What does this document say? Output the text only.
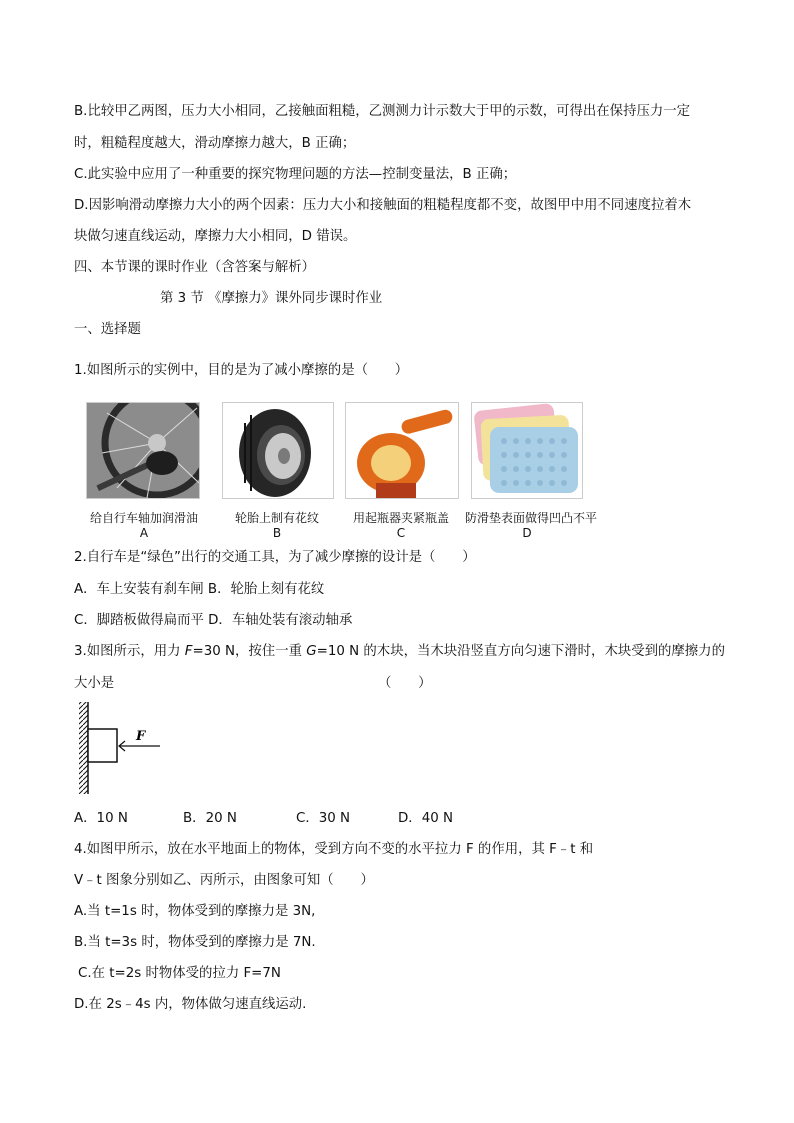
B.比较甲乙两图，压力大小相同，乙接触面粗糙，乙测测力计示数大于甲的示数，可得出在保持压力一定
时，粗糙程度越大，滑动摩擦力越大，B 正确；
C.此实验中应用了一种重要的探究物理问题的方法—控制变量法，B 正确；
D.因影响滑动摩擦力大小的两个因素：压力大小和接触面的粗糙程度都不变，故图甲中用不同速度拉着木
块做匀速直线运动，摩擦力大小相同，D 错误。
四、本节课的课时作业（含答案与解析）
第 3 节 《摩擦力》课外同步课时作业
一、选择题
1.如图所示的实例中，目的是为了减小摩擦的是（　　）
给自行车轴加润滑油
A
轮胎上制有花纹
B
用起瓶器夹紧瓶盖
C
防滑垫表面做得凹凸不平
D
2.自行车是“绿色”出行的交通工具，为了减少摩擦的设计是（　　）
A．车上安装有刹车闸 B．轮胎上刻有花纹
C．脚踏板做得扁而平 D．车轴处装有滚动轴承
3.如图所示，用力 F=30 N，按住一重 G=10 N 的木块，当木块沿竖直方向匀速下滑时，木块受到的摩擦力的
大小是	（　　）
F
A．10 N	B．20 N	C．30 N	D．40 N
4.如图甲所示，放在水平地面上的物体，受到方向不变的水平拉力 F 的作用，其 F﹣t 和
V﹣t 图象分别如乙、丙所示，由图象可知（　　）
A.当 t=1s 时，物体受到的摩擦力是 3N,
B.当 t=3s 时，物体受到的摩擦力是 7N.
C.在 t=2s 时物体受的拉力 F=7N
D.在 2s﹣4s 内，物体做匀速直线运动.
